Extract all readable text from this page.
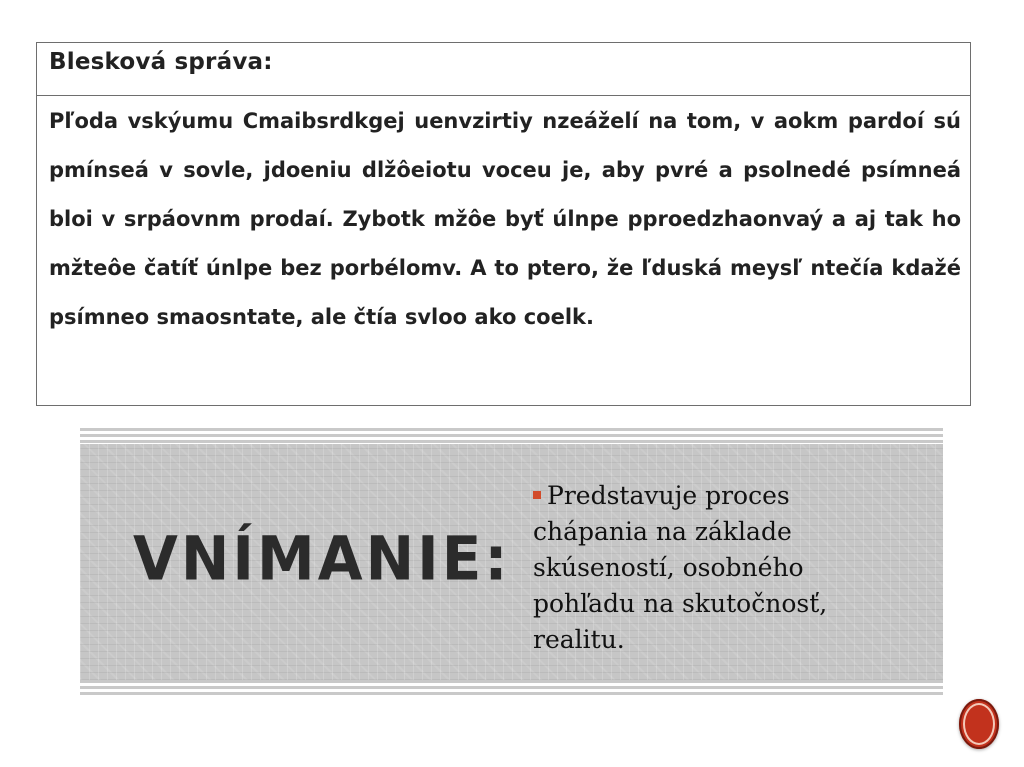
Blesková správa:
Pľoda vskýumu Cmaibsrdkgej uenvzirtiy nzeáželí na tom, v aokm pardoí sú pmínseá v sovle, jdoeniu dlžôeiotu voceu je, aby pvré a psolnedé psímneá bloi v srpáovnm prodaí. Zybotk mžôe byť úlnpe pproedzhaonvaý a aj tak ho mžteôe čatíť únlpe bez porbélomv. A to ptero, že ľduská meysľ ntečía kdažé psímneo smaosntate, ale čtía svloo ako coelk.
VNÍMANIE:
Predstavuje proces chápania na základe skúseností, osobného pohľadu na skutočnosť, realitu.
